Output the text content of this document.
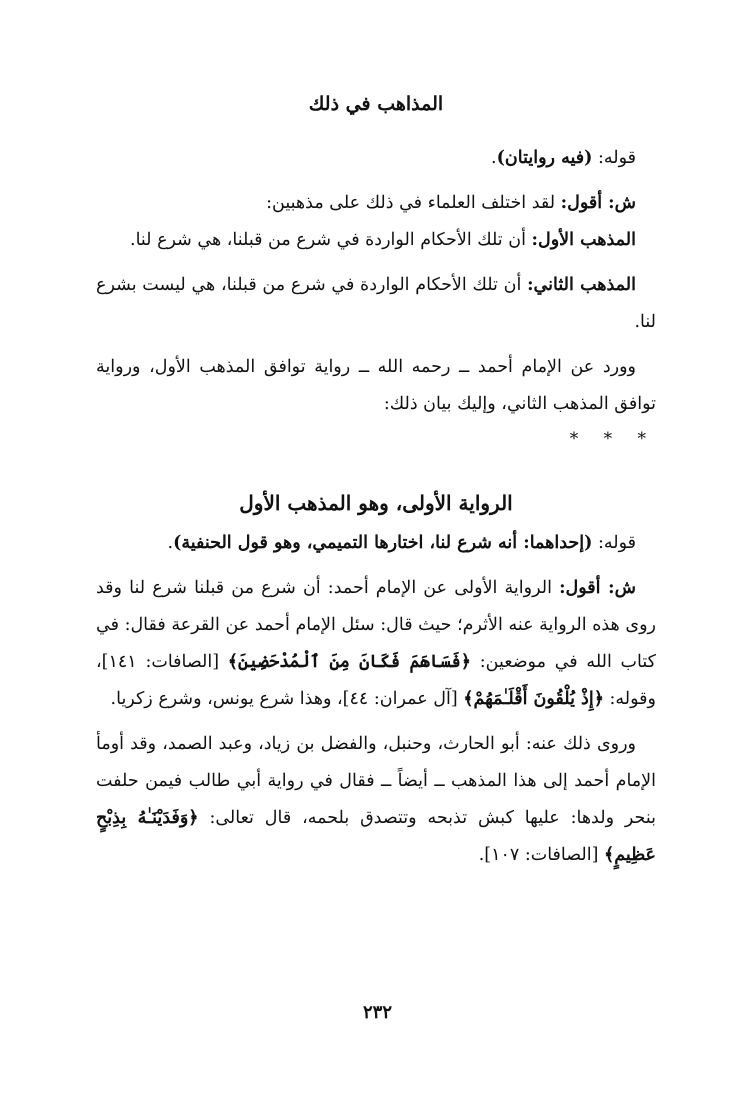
المذاهب في ذلك

قوله: (فيه روايتان).

ش: أقول: لقد اختلف العلماء في ذلك على مذهبين:

المذهب الأول: أن تلك الأحكام الواردة في شرع من قبلنا، هي شرع لنا.

المذهب الثاني: أن تلك الأحكام الواردة في شرع من قبلنا، هي ليست بشرع لنا.

وورد عن الإمام أحمد ــ رحمه الله ــ رواية توافق المذهب الأول، ورواية توافق المذهب الثاني، وإليك بيان ذلك:

* * *

الرواية الأولى، وهو المذهب الأول

قوله: (إحداهما: أنه شرع لنا، اختارها التميمي، وهو قول الحنفية).

ش: أقول: الرواية الأولى عن الإمام أحمد: أن شرع من قبلنا شرع لنا وقد روى هذه الرواية عنه الأثرم؛ حيث قال: سئل الإمام أحمد عن القرعة فقال: في كتاب الله في موضعين: ﴿فَسَاهَمَ فَكَانَ مِنَ ٱلْمُدْحَضِينَ﴾ [الصافات: ١٤١]، وقوله: ﴿إِذْ يُلْقُونَ أَقْلَـٰمَهُمْ﴾ [آل عمران: ٤٤]، وهذا شرع يونس، وشرع زكريا.

وروى ذلك عنه: أبو الحارث، وحنبل، والفضل بن زياد، وعبد الصمد، وقد أومأ الإمام أحمد إلى هذا المذهب ــ أيضاً ــ فقال في رواية أبي طالب فيمن حلفت بنحر ولدها: عليها كبش تذبحه وتتصدق بلحمه، قال تعالى: ﴿وَفَدَيْنَـٰهُ بِذِبْحٍ عَظِيمٍ﴾ [الصافات: ١٠٧].

٢٣٢
